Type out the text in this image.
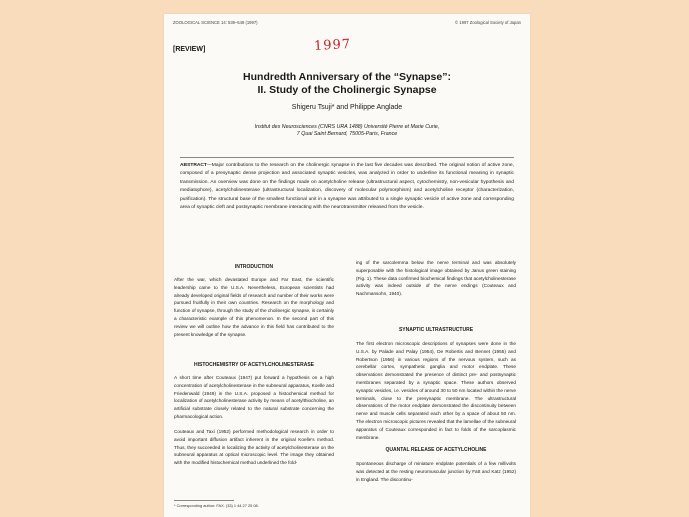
ZOOLOGICAL SCIENCE 14: 539–548 (1997)	© 1997 Zoological Society of Japan
1997
[REVIEW]
Hundredth Anniversary of the “Synapse”:
II. Study of the Cholinergic Synapse
Shigeru Tsuji* and Philippe Anglade
Institut des Neurosciences (CNRS URA 1488) Université Pierre et Marie Curie,
7 Quai Saint Bernard, 75005-Paris, France
ABSTRACT—Major contributions to the research on the cholinergic synapse in the last five decades was described. The original notion of active zone, composed of a presynaptic dense projection and associated synaptic vesicles, was analyzed in order to underline its functional meaning in synaptic transmission. An overview was done on the findings made on acetylcholine release (ultrastructural aspect, cytochemistry, non-vesicular hypothesis and mediatophore), acetylcholinesterase (ultrastructural localization, discovery of molecular polymorphism) and acetylcholine receptor (characterization, purification). The structural base of the smallest functional unit in a synapse was attributed to a single synaptic vesicle of active zone and corresponding area of synaptic cleft and postsynaptic membrane interacting with the neurotransmitter released from the vesicle.
INTRODUCTION
After the war, which devastated Europe and Far East, the scientific leadership came to the U.S.A. Nevertheless, European scientists had already developed original fields of research and number of their works were pursued fruitfully in their own countries. Research on the morphology and function of synapse, through the study of the cholinergic synapse, is certainly a characteristic example of this phenomenon. In the second part of this review we will outline how the advance in this field has contributed to the present knowledge of the synapse.
HISTOCHEMISTRY OF ACETYLCHOLINESTERASE
A short time after Couteaux (1947) put forward a hypothesis on a high concentration of acetylcholinesterase in the subneural apparatus, Koelle and Friedenwald (1949) in the U.S.A. proposed a histochemical method for localization of acetylcholinesterase activity by means of acetylthiocholine, an artificial substrate closely related to the natural substrate concerning the pharmacological action.
Couteaux and Taxi (1952) performed methodological research in order to avoid important diffusion artifact inherent in the original Koelle's method. Thus, they succeeded in localizing the activity of acetylcholinesterase on the subneural apparatus at optical microscopic level. The image they obtained with the modified histochemical method underlined the fold-
* Corresponding author: FAX. (33) 1 44 27 25 08.
ing of the sarcolemma below the nerve terminal and was absolutely superposable with the histological image obtained by Janus green staining (Fig. 1). These data confirmed biochemical findings that acetylcholinesterase activity was indeed outside of the nerve endings (Couteaux and Nachmansohn, 1940).
SYNAPTIC ULTRASTRUCTURE
The first electron microscopic descriptions of synapses were done in the U.S.A. by Palade and Palay (1954), De Robertis and Bennet (1955) and Robertson (1956) in various regions of the nervous system, such as cerebellar cortex, sympathetic ganglia and motor endplate. These observations demonstrated the presence of distinct pre- and postsynaptic membranes separated by a synaptic space. These authors observed synaptic vesicles, i.e. vesicles of around 30 to 50 nm located within the nerve terminals, close to the presynaptic membrane. The ultrastructural observations of the motor endplate demonstrated the discontinuity between nerve and muscle cells separated each other by a space of about 50 nm. The electron microscopic pictures revealed that the lamellae of the subneural apparatus of Couteaux corresponded in fact to folds of the sarcoplasmic membrane.
QUANTAL RELEASE OF ACETYLCHOLINE
Spontaneous discharge of miniature endplate potentials of a few millivolts was detected at the resting neuromuscular junction by Fatt and Katz (1952) in England. The discontinu-
